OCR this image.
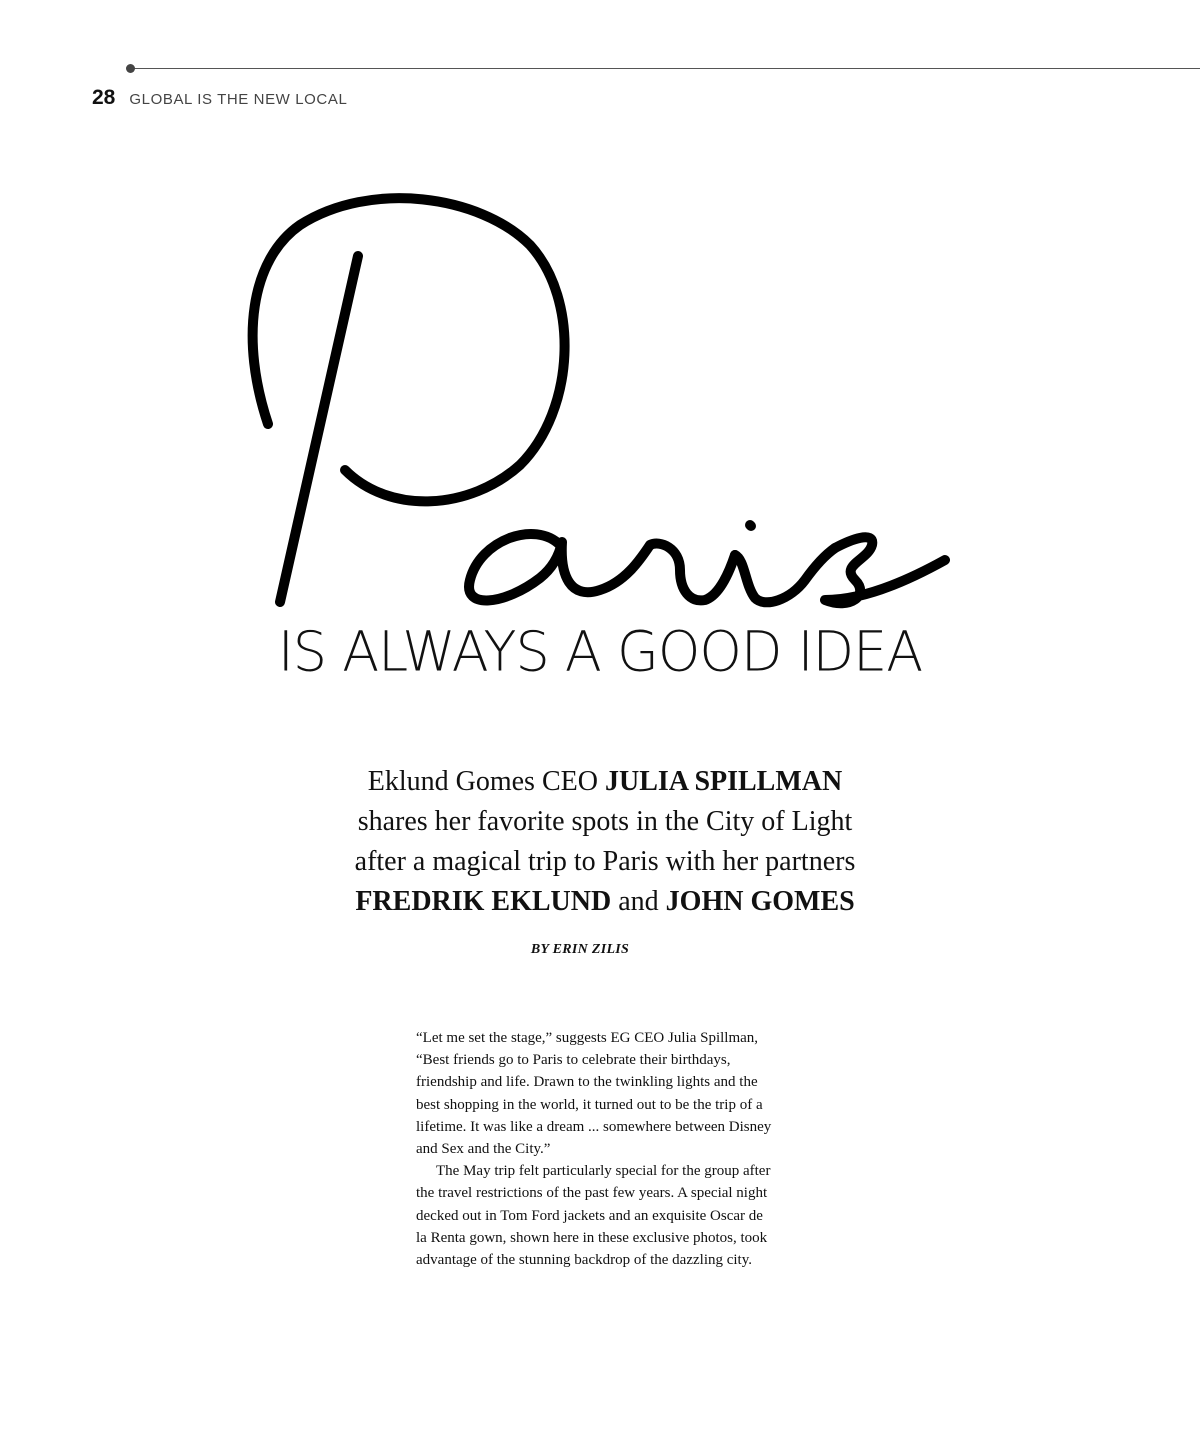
28 GLOBAL IS THE NEW LOCAL
IS ALWAYS A GOOD IDEA
Eklund Gomes CEO JULIA SPILLMAN
shares her favorite spots in the City of Light
after a magical trip to Paris with her partners
FREDRIK EKLUND and JOHN GOMES
BY ERIN ZILIS

“Let me set the stage,” suggests EG CEO Julia Spillman, “Best friends go to Paris to celebrate their birthdays, friendship and life. Drawn to the twinkling lights and the best shopping in the world, it turned out to be the trip of a lifetime. It was like a dream ... somewhere between Disney and Sex and the City.”

The May trip felt particularly special for the group after the travel restrictions of the past few years. A special night decked out in Tom Ford jackets and an exquisite Oscar de la Renta gown, shown here in these exclusive photos, took advantage of the stunning backdrop of the dazzling city.
